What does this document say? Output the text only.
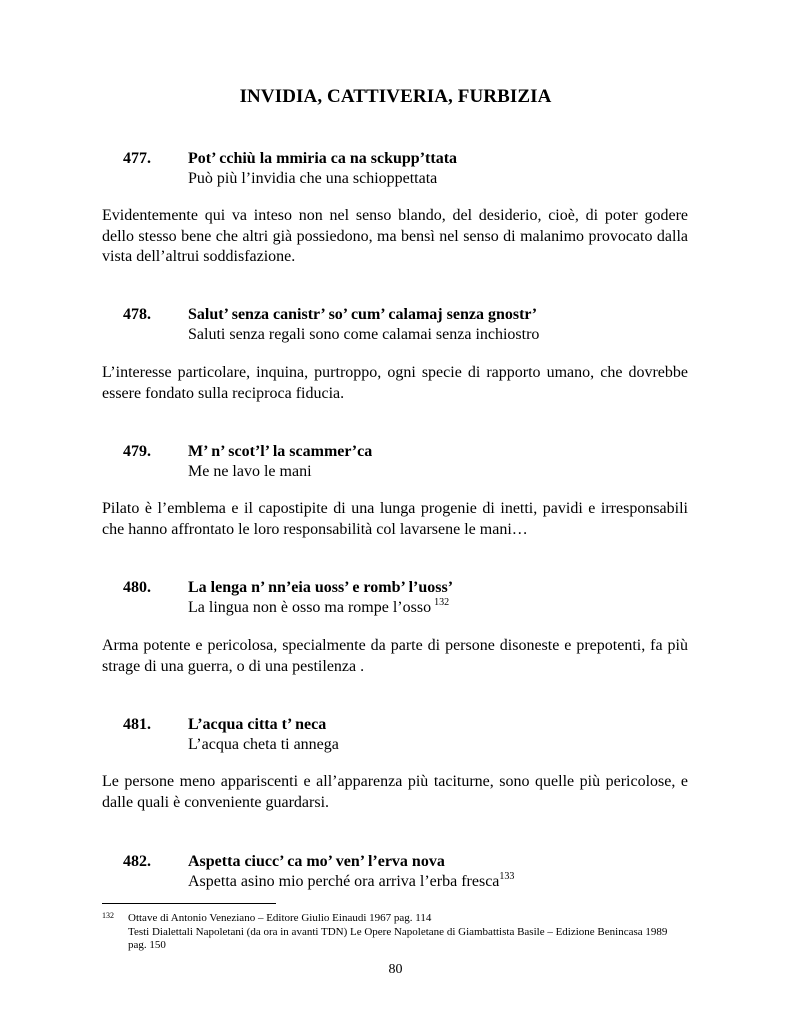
INVIDIA, CATTIVERIA, FURBIZIA
477. Pot’ cchiù la mmiria ca na sckupp’ttata
Può più l’invidia che una schioppettata
Evidentemente qui va inteso non nel senso blando, del desiderio, cioè, di poter godere dello stesso bene che altri già possiedono, ma bensì nel senso di malanimo provocato dalla vista dell’altrui soddisfazione.
478. Salut’ senza canistr’ so’ cum’ calamaj senza gnostr’
Saluti senza regali sono come calamai senza inchiostro
L’interesse particolare, inquina, purtroppo, ogni specie di rapporto umano, che dovrebbe essere fondato sulla reciproca fiducia.
479. M’ n’ scot’l’ la scammer’ca
Me ne lavo le mani
Pilato è l’emblema e il capostipite di una lunga progenie di inetti, pavidi e irresponsabili che hanno affrontato le loro responsabilità col lavarsene le mani…
480. La lenga n’ nn’eia uoss’ e romb’ l’uoss’
La lingua non è osso ma rompe l’osso $^{132}$
Arma potente e pericolosa, specialmente da parte di persone disoneste e prepotenti, fa più strage di una guerra, o di una pestilenza .
481. L’acqua citta t’ neca
L’acqua cheta ti annega
Le persone meno appariscenti e all’apparenza più taciturne, sono quelle più pericolose, e dalle quali è conveniente guardarsi.
482. Aspetta ciucc’ ca mo’ ven’ l’erva nova
Aspetta asino mio perché ora arriva l’erba fresca$^{133}$
132 Ottave di Antonio Veneziano – Editore Giulio Einaudi 1967 pag. 114
Testi Dialettali Napoletani (da ora in avanti TDN) Le Opere Napoletane di Giambattista Basile – Edizione Benincasa 1989 pag. 150
80
